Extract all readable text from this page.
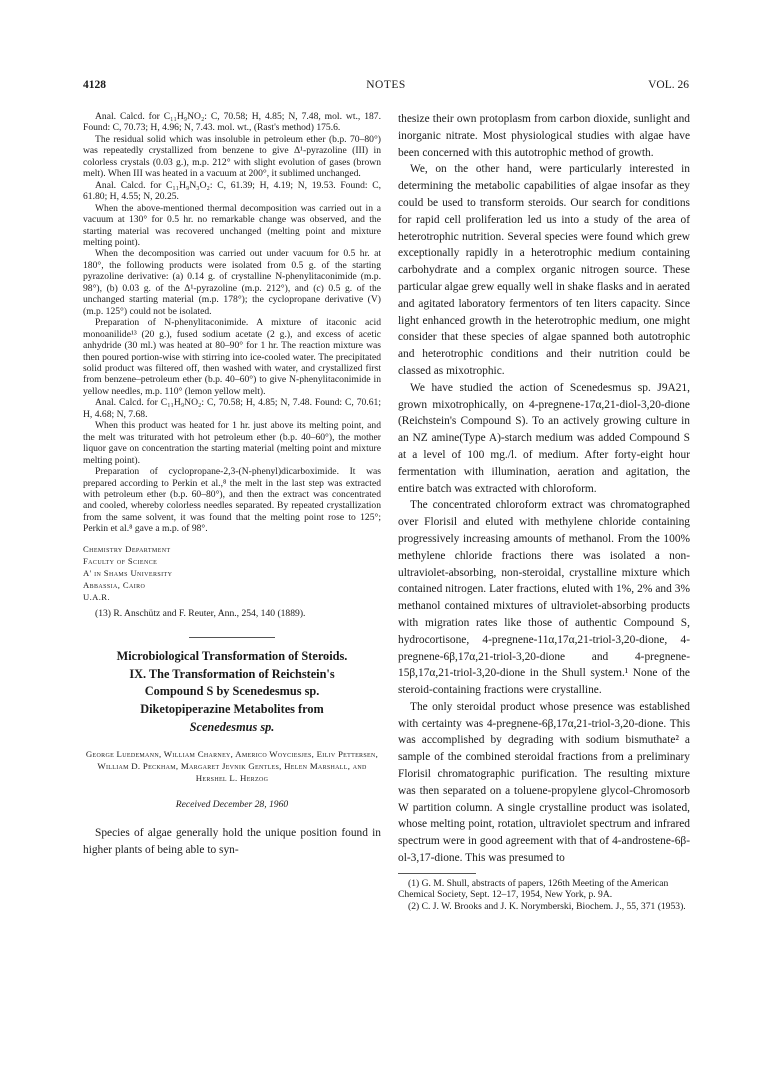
4128	NOTES	VOL. 26

Anal. Calcd. for C₁₁H₉NO₂: C, 70.58; H, 4.85; N, 7.48, mol. wt., 187. Found: C, 70.73; H, 4.96; N, 7.43. mol. wt., (Rast's method) 175.6.

The residual solid which was insoluble in petroleum ether (b.p. 70–80°) was repeatedly crystallized from benzene to give Δ¹-pyrazoline (III) in colorless crystals (0.03 g.), m.p. 212° with slight evolution of gases (brown melt). When III was heated in a vacuum at 200°, it sublimed unchanged.

Anal. Calcd. for C₁₁H₉N₃O₂: C, 61.39; H, 4.19; N, 19.53. Found: C, 61.80; H, 4.55; N, 20.25.

When the above-mentioned thermal decomposition was carried out in a vacuum at 130° for 0.5 hr. no remarkable change was observed, and the starting material was recovered unchanged (melting point and mixture melting point).

When the decomposition was carried out under vacuum for 0.5 hr. at 180°, the following products were isolated from 0.5 g. of the starting pyrazoline derivative: (a) 0.14 g. of crystalline N-phenylitaconimide (m.p. 98°), (b) 0.03 g. of the Δ¹-pyrazoline (m.p. 212°), and (c) 0.5 g. of the unchanged starting material (m.p. 178°); the cyclopropane derivative (V) (m.p. 125°) could not be isolated.

Preparation of N-phenylitaconimide. A mixture of itaconic acid monoanilide¹³ (20 g.), fused sodium acetate (2 g.), and excess of acetic anhydride (30 ml.) was heated at 80–90° for 1 hr. The reaction mixture was then poured portion-wise with stirring into ice-cooled water. The precipitated solid product was filtered off, then washed with water, and crystallized first from benzene–petroleum ether (b.p. 40–60°) to give N-phenylitaconimide in yellow needles, m.p. 110° (lemon yellow melt).

Anal. Calcd. for C₁₁H₉NO₂: C, 70.58; H, 4.85; N, 7.48. Found: C, 70.61; H, 4.68; N, 7.68.

When this product was heated for 1 hr. just above its melting point, and the melt was triturated with hot petroleum ether (b.p. 40–60°), the mother liquor gave on concentration the starting material (melting point and mixture melting point).

Preparation of cyclopropane-2,3-(N-phenyl)dicarboximide. It was prepared according to Perkin et al.,⁸ the melt in the last step was extracted with petroleum ether (b.p. 60–80°), and then the extract was concentrated and cooled, whereby colorless needles separated. By repeated crystallization from the same solvent, it was found that the melting point rose to 125°; Perkin et al.⁸ gave a m.p. of 98°.

Chemistry Department
Faculty of Science
A' in Shams University
Abbassia, Cairo
U.A.R.

(13) R. Anschütz and F. Reuter, Ann., 254, 140 (1889).

Microbiological Transformation of Steroids.

IX. The Transformation of Reichstein's

Compound S by Scenedesmus sp.

Diketopiperazine Metabolites from

Scenedesmus sp.

George Luedemann, William Charney, Americo Woyciesjes, Eiliv Pettersen, William D. Peckham, Margaret Jevnik Gentles, Helen Marshall, and Hershel L. Herzog

Received December 28, 1960

Species of algae generally hold the unique position found in higher plants of being able to syn-

thesize their own protoplasm from carbon dioxide, sunlight and inorganic nitrate. Most physiological studies with algae have been concerned with this autotrophic method of growth.

We, on the other hand, were particularly interested in determining the metabolic capabilities of algae insofar as they could be used to transform steroids. Our search for conditions for rapid cell proliferation led us into a study of the area of heterotrophic nutrition. Several species were found which grew exceptionally rapidly in a heterotrophic medium containing carbohydrate and a complex organic nitrogen source. These particular algae grew equally well in shake flasks and in aerated and agitated laboratory fermentors of ten liters capacity. Since light enhanced growth in the heterotrophic medium, one might consider that these species of algae spanned both autotrophic and heterotrophic conditions and their nutrition could be classed as mixotrophic.

We have studied the action of Scenedesmus sp. J9A21, grown mixotrophically, on 4-pregnene-17α,21-diol-3,20-dione (Reichstein's Compound S). To an actively growing culture in an NZ amine(Type A)-starch medium was added Compound S at a level of 100 mg./l. of medium. After forty-eight hour fermentation with illumination, aeration and agitation, the entire batch was extracted with chloroform.

The concentrated chloroform extract was chromatographed over Florisil and eluted with methylene chloride containing progressively increasing amounts of methanol. From the 100% methylene chloride fractions there was isolated a non-ultraviolet-absorbing, non-steroidal, crystalline mixture which contained nitrogen. Later fractions, eluted with 1%, 2% and 3% methanol contained mixtures of ultraviolet-absorbing products with migration rates like those of authentic Compound S, hydrocortisone, 4-pregnene-11α,17α,21-triol-3,20-dione, 4-pregnene-6β,17α,21-triol-3,20-dione and 4-pregnene-15β,17α,21-triol-3,20-dione in the Shull system.¹ None of the steroid-containing fractions were crystalline.

The only steroidal product whose presence was established with certainty was 4-pregnene-6β,17α,21-triol-3,20-dione. This was accomplished by degrading with sodium bismuthate² a sample of the combined steroidal fractions from a preliminary Florisil chromatographic purification. The resulting mixture was then separated on a toluene-propylene glycol-Chromosorb W partition column. A single crystalline product was isolated, whose melting point, rotation, ultraviolet spectrum and infrared spectrum were in good agreement with that of 4-androstene-6β-ol-3,17-dione. This was presumed to

(1) G. M. Shull, abstracts of papers, 126th Meeting of the American Chemical Society, Sept. 12–17, 1954, New York, p. 9A.

(2) C. J. W. Brooks and J. K. Norymberski, Biochem. J., 55, 371 (1953).
